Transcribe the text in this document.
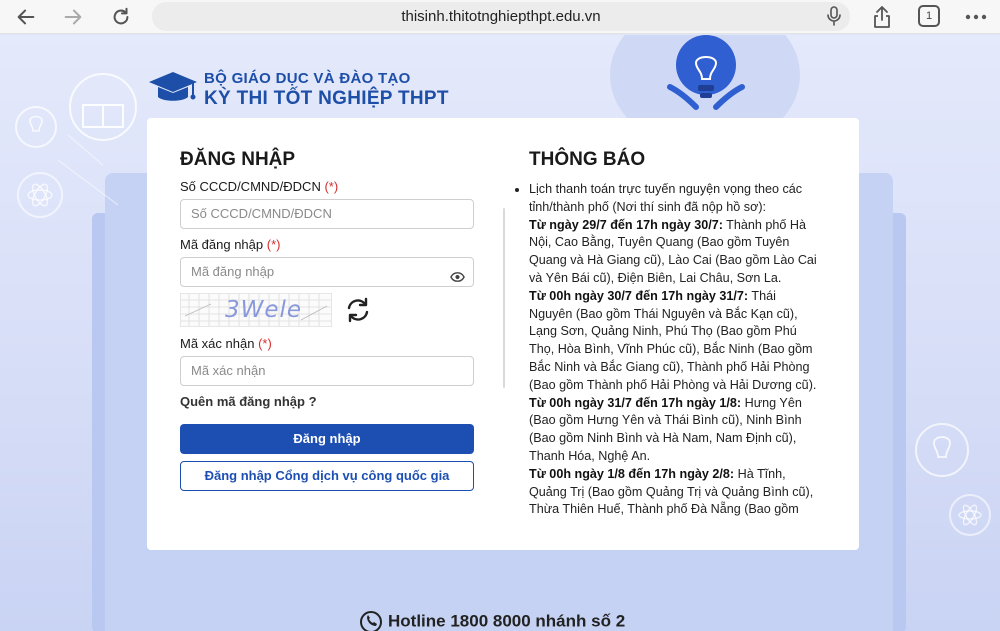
thisinh.thitotnghiepthpt.edu.vn	1
BỘ GIÁO DỤC VÀ ĐÀO TẠO
KỲ THI TỐT NGHIỆP THPT
ĐĂNG NHẬP
Số CCCD/CMND/ĐDCN (*)
Số CCCD/CMND/ĐDCN
Mã đăng nhập (*)
Mã đăng nhập
3Wele
Mã xác nhận (*)
Mã xác nhận
Quên mã đăng nhập ?
Đăng nhập
Đăng nhập Cổng dịch vụ công quốc gia
THÔNG BÁO
• Lịch thanh toán trực tuyến nguyện vọng theo các tỉnh/thành phố (Nơi thí sinh đã nộp hồ sơ):
Từ ngày 29/7 đến 17h ngày 30/7: Thành phố Hà Nội, Cao Bằng, Tuyên Quang (Bao gồm Tuyên Quang và Hà Giang cũ), Lào Cai (Bao gồm Lào Cai và Yên Bái cũ), Điện Biên, Lai Châu, Sơn La.
Từ 00h ngày 30/7 đến 17h ngày 31/7: Thái Nguyên (Bao gồm Thái Nguyên và Bắc Kạn cũ), Lạng Sơn, Quảng Ninh, Phú Thọ (Bao gồm Phú Thọ, Hòa Bình, Vĩnh Phúc cũ), Bắc Ninh (Bao gồm Bắc Ninh và Bắc Giang cũ), Thành phố Hải Phòng (Bao gồm Thành phố Hải Phòng và Hải Dương cũ).
Từ 00h ngày 31/7 đến 17h ngày 1/8: Hưng Yên (Bao gồm Hưng Yên và Thái Bình cũ), Ninh Bình (Bao gồm Ninh Bình và Hà Nam, Nam Định cũ), Thanh Hóa, Nghệ An.
Từ 00h ngày 1/8 đến 17h ngày 2/8: Hà Tĩnh, Quảng Trị (Bao gồm Quảng Trị và Quảng Bình cũ), Thừa Thiên Huế, Thành phố Đà Nẵng (Bao gồm
Hotline 1800 8000 nhánh số 2
